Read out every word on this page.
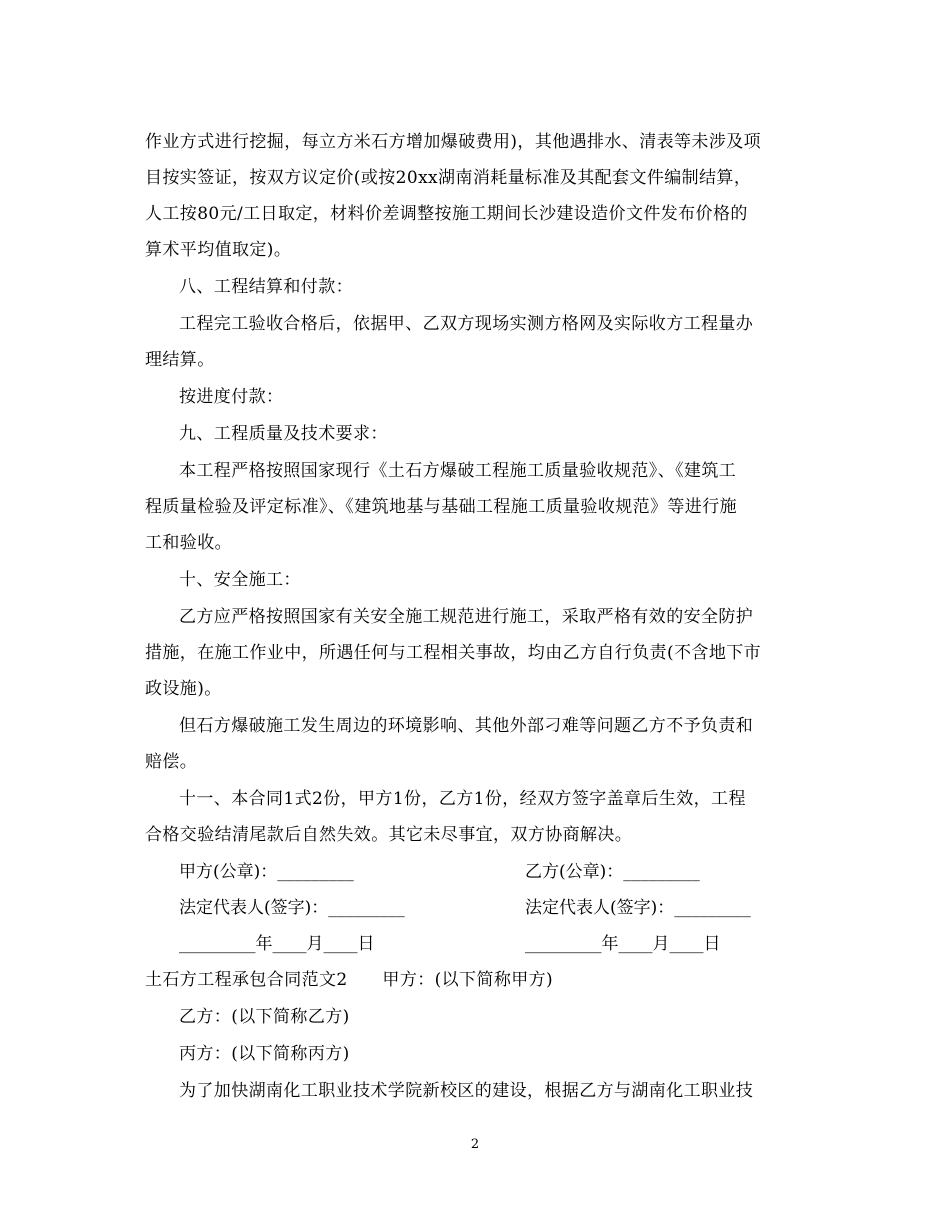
作业方式进行挖掘，每立方米石方增加爆破费用)，其他遇排水、清表等未涉及项
目按实签证，按双方议定价(或按20xx湖南消耗量标准及其配套文件编制结算，
人工按80元/工日取定，材料价差调整按施工期间长沙建设造价文件发布价格的
算术平均值取定)。
八、工程结算和付款：
工程完工验收合格后，依据甲、乙双方现场实测方格网及实际收方工程量办
理结算。
按进度付款：
九、工程质量及技术要求：
本工程严格按照国家现行《土石方爆破工程施工质量验收规范》、《建筑工
程质量检验及评定标准》、《建筑地基与基础工程施工质量验收规范》等进行施
工和验收。
十、安全施工：
乙方应严格按照国家有关安全施工规范进行施工，采取严格有效的安全防护
措施，在施工作业中，所遇任何与工程相关事故，均由乙方自行负责(不含地下市
政设施)。
但石方爆破施工发生周边的环境影响、其他外部刁难等问题乙方不予负责和
赔偿。
十一、本合同1式2份，甲方1份，乙方1份，经双方签字盖章后生效，工程
合格交验结清尾款后自然失效。其它未尽事宜，双方协商解决。
甲方(公章)：_________	乙方(公章)：_________
法定代表人(签字)：_________	法定代表人(签字)：_________
_________年____月____日	_________年____月____日
土石方工程承包合同范文2　　甲方：(以下简称甲方)
乙方：(以下简称乙方)
丙方：(以下简称丙方)
为了加快湖南化工职业技术学院新校区的建设，根据乙方与湖南化工职业技
2
